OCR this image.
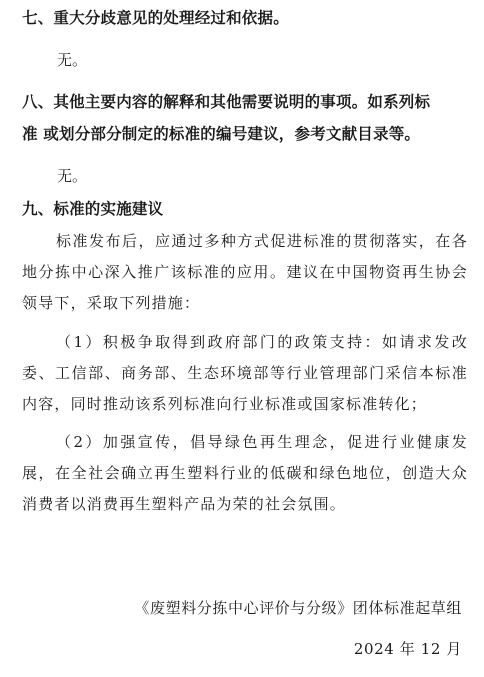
七、重大分歧意见的处理经过和依据。

无。

八、其他主要内容的解释和其他需要说明的事项。如系列标
准 或划分部分制定的标准的编号建议，参考文献目录等。

无。

九、标准的实施建议

标准发布后，应通过多种方式促进标准的贯彻落实，在各地分拣中心深入推广该标准的应用。建议在中国物资再生协会领导下，采取下列措施：

（1）积极争取得到政府部门的政策支持：如请求发改委、工信部、商务部、生态环境部等行业管理部门采信本标准内容，同时推动该系列标准向行业标准或国家标准转化；

（2）加强宣传，倡导绿色再生理念，促进行业健康发展，在全社会确立再生塑料行业的低碳和绿色地位，创造大众消费者以消费再生塑料产品为荣的社会氛围。

《废塑料分拣中心评价与分级》团体标准起草组

2024 年 12 月
